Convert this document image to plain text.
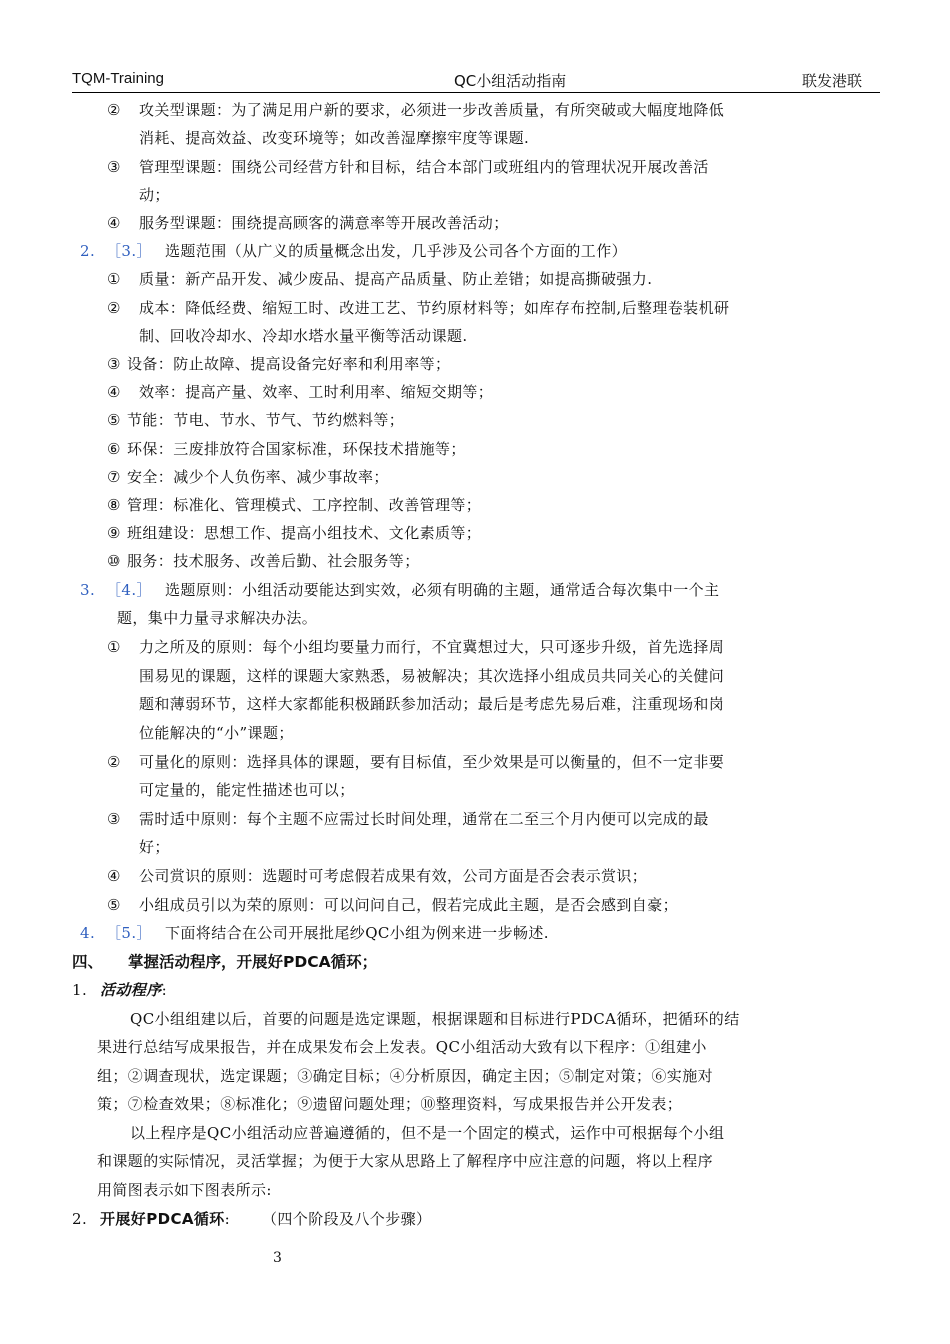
TQM-Training	QC小组活动指南	联发港联
② 攻关型课题：为了满足用户新的要求，必须进一步改善质量，有所突破或大幅度地降低
消耗、提高效益、改变环境等；如改善湿摩擦牢度等课题.
③ 管理型课题：围绕公司经营方针和目标，结合本部门或班组内的管理状况开展改善活
动；
④ 服务型课题：围绕提高顾客的满意率等开展改善活动；
2. ［3.］ 选题范围（从广义的质量概念出发，几乎涉及公司各个方面的工作）
① 质量：新产品开发、减少废品、提高产品质量、防止差错；如提高撕破强力.
② 成本：降低经费、缩短工时、改进工艺、节约原材料等；如库存布控制,后整理卷装机研
制、回收冷却水、冷却水塔水量平衡等活动课题.
③ 设备：防止故障、提高设备完好率和利用率等；
④ 效率：提高产量、效率、工时利用率、缩短交期等；
⑤ 节能：节电、节水、节气、节约燃料等；
⑥ 环保：三废排放符合国家标准，环保技术措施等；
⑦ 安全：减少个人负伤率、减少事故率；
⑧ 管理：标准化、管理模式、工序控制、改善管理等；
⑨ 班组建设：思想工作、提高小组技术、文化素质等；
⑩ 服务：技术服务、改善后勤、社会服务等；
3. ［4.］ 选题原则：小组活动要能达到实效，必须有明确的主题，通常适合每次集中一个主
题，集中力量寻求解决办法。
① 力之所及的原则：每个小组均要量力而行，不宜冀想过大，只可逐步升级，首先选择周
围易见的课题，这样的课题大家熟悉，易被解决；其次选择小组成员共同关心的关健问
题和薄弱环节，这样大家都能积极踊跃参加活动；最后是考虑先易后难，注重现场和岗
位能解决的“小”课题；
② 可量化的原则：选择具体的课题，要有目标值，至少效果是可以衡量的，但不一定非要
可定量的，能定性描述也可以；
③ 需时适中原则：每个主题不应需过长时间处理，通常在二至三个月内便可以完成的最
好；
④ 公司赏识的原则：选题时可考虑假若成果有效，公司方面是否会表示赏识；
⑤ 小组成员引以为荣的原则：可以问问自己，假若完成此主题，是否会感到自豪；
4. ［5.］ 下面将结合在公司开展批尾纱QC小组为例来进一步畅述.
四、 掌握活动程序，开展好PDCA循环；
1. 活动程序:
QC小组组建以后，首要的问题是选定课题，根据课题和目标进行PDCA循环，把循环的结
果进行总结写成果报告，并在成果发布会上发表。QC小组活动大致有以下程序：①组建小
组；②调查现状，选定课题；③确定目标；④分析原因，确定主因；⑤制定对策；⑥实施对
策；⑦检查效果；⑧标准化；⑨遗留问题处理；⑩整理资料，写成果报告并公开发表；
以上程序是QC小组活动应普遍遵循的，但不是一个固定的模式，运作中可根据每个小组
和课题的实际情况，灵活掌握；为便于大家从思路上了解程序中应注意的问题，将以上程序
用简图表示如下图表所示:
2. 开展好PDCA循环: （四个阶段及八个步骤）
3
